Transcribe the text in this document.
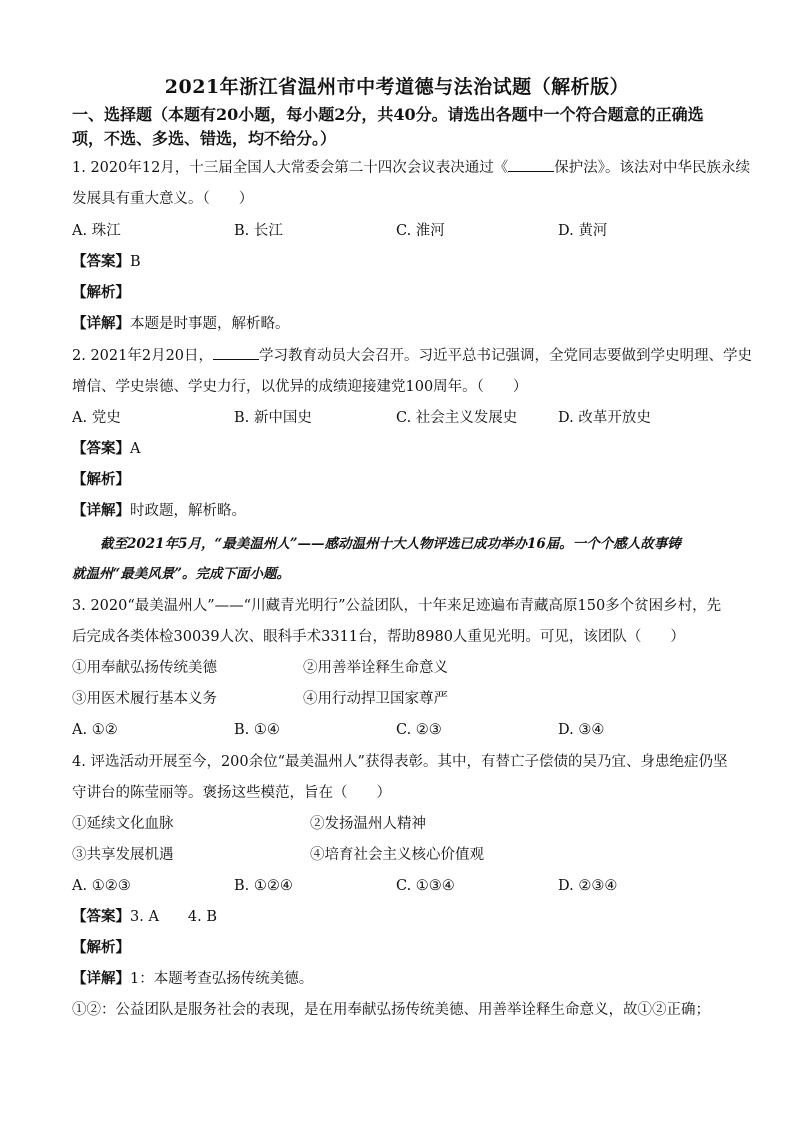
2021年浙江省温州市中考道德与法治试题（解析版）
一、选择题（本题有20小题，每小题2分，共40分。请选出各题中一个符合题意的正确选
项，不选、多选、错选，均不给分。）
1. 2020年12月，十三届全国人大常委会第二十四次会议表决通过《	保护法》。该法对中华民族永续
发展具有重大意义。（　　）
A. 珠江	B. 长江	C. 淮河	D. 黄河
【答案】B
【解析】
【详解】本题是时事题，解析略。
2. 2021年2月20日，	学习教育动员大会召开。习近平总书记强调，全党同志要做到学史明理、学史
增信、学史崇德、学史力行，以优异的成绩迎接建党100周年。（　　）
A. 党史	B. 新中国史	C. 社会主义发展史	D. 改革开放史
【答案】A
【解析】
【详解】时政题，解析略。
截至2021年5月，“最美温州人”——感动温州十大人物评选已成功举办16届。一个个感人故事铸
就温州“最美风景”。完成下面小题。
3. 2020“最美温州人”——“川藏青光明行”公益团队，十年来足迹遍布青藏高原150多个贫困乡村，先
后完成各类体检30039人次、眼科手术3311台，帮助8980人重见光明。可见，该团队（　　）
①用奉献弘扬传统美德	②用善举诠释生命意义
③用医术履行基本义务	④用行动捍卫国家尊严
A. ①②	B. ①④	C. ②③	D. ③④
4. 评选活动开展至今，200余位“最美温州人”获得表彰。其中，有替亡子偿债的吴乃宜、身患绝症仍坚
守讲台的陈莹丽等。褒扬这些模范，旨在（　　）
①延续文化血脉	②发扬温州人精神
③共享发展机遇	④培育社会主义核心价值观
A. ①②③	B. ①②④	C. ①③④	D. ②③④
【答案】3. A　　4. B
【解析】
【详解】1：本题考查弘扬传统美德。
①②：公益团队是服务社会的表现，是在用奉献弘扬传统美德、用善举诠释生命意义，故①②正确；
